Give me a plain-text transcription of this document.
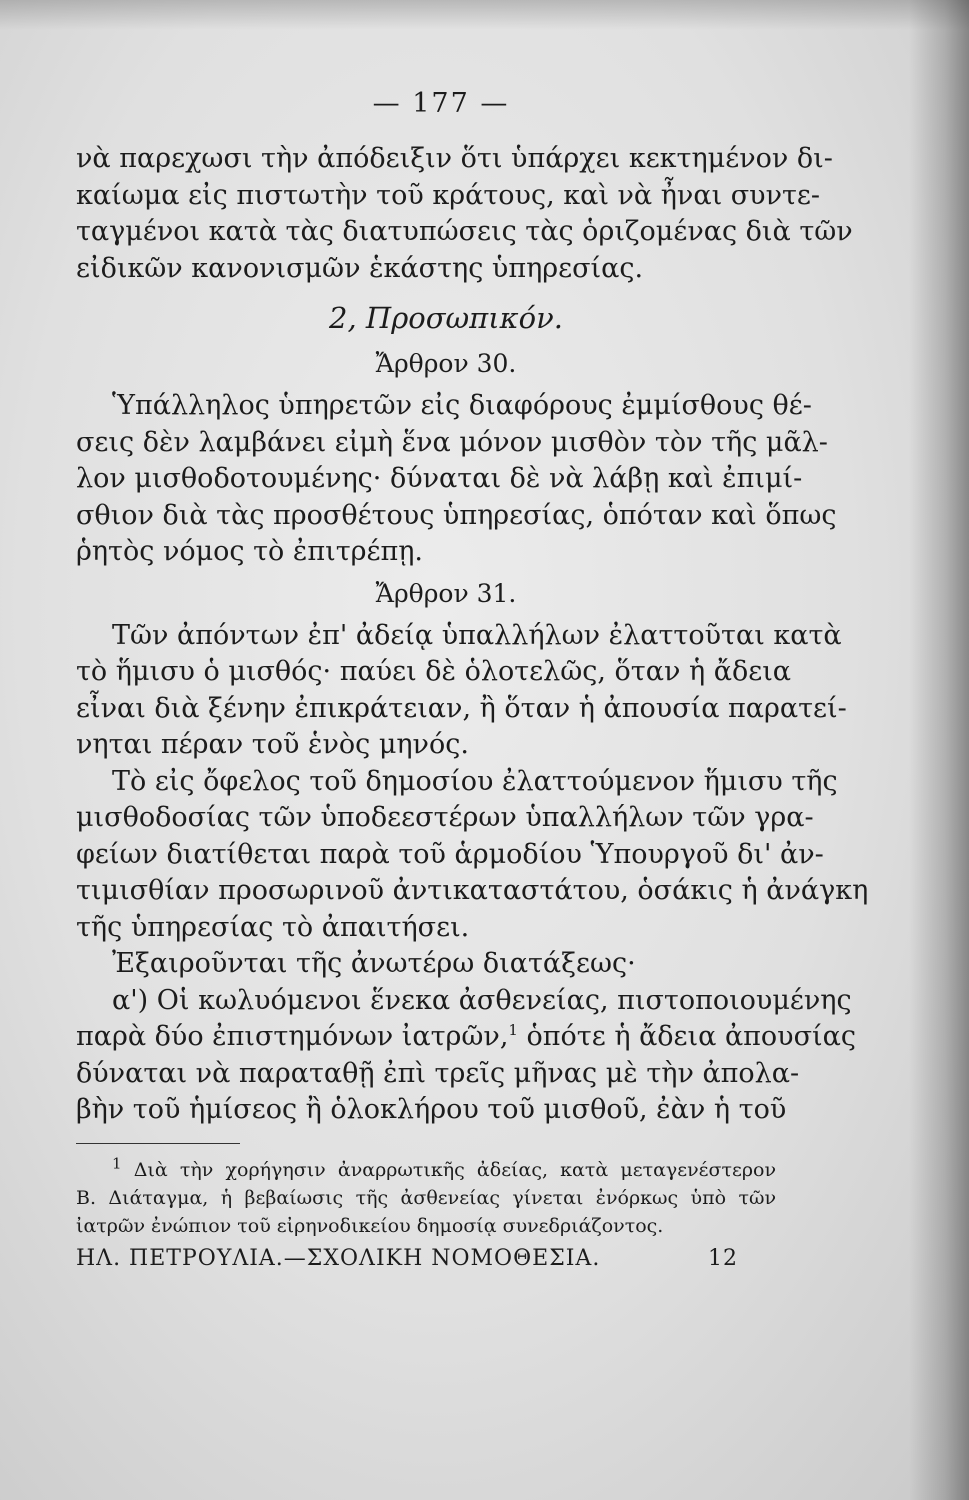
— 177 —

νὰ παρεχωσι τὴν ἀπόδειξιν ὅτι ὑπάρχει κεκτημένον δι-
καίωμα εἰς πιστωτὴν τοῦ κράτους, καὶ νὰ ἦναι συντε-
ταγμένοι κατὰ τὰς διατυπώσεις τὰς ὁριζομένας διὰ τῶν
εἰδικῶν κανονισμῶν ἑκάστης ὑπηρεσίας.

2, Προσωπικόν.
Ἄρθρον 30.

Ὑπάλληλος ὑπηρετῶν εἰς διαφόρους ἐμμίσθους θέ-
σεις δὲν λαμβάνει εἰμὴ ἕνα μόνον μισθὸν τὸν τῆς μᾶλ-
λον μισθοδοτουμένης· δύναται δὲ νὰ λάβῃ καὶ ἐπιμί-
σθιον διὰ τὰς προσθέτους ὑπηρεσίας, ὁπόταν καὶ ὅπως
ῥητὸς νόμος τὸ ἐπιτρέπῃ.

Ἄρθρον 31.

Τῶν ἀπόντων ἐπ' ἀδείᾳ ὑπαλλήλων ἐλαττοῦται κατὰ
τὸ ἥμισυ ὁ μισθός· παύει δὲ ὁλοτελῶς, ὅταν ἡ ἄδεια
εἶναι διὰ ξένην ἐπικράτειαν, ἢ ὅταν ἡ ἀπουσία παρατεί-
νηται πέραν τοῦ ἑνὸς μηνός.

Τὸ εἰς ὄφελος τοῦ δημοσίου ἐλαττούμενον ἥμισυ τῆς
μισθοδοσίας τῶν ὑποδεεστέρων ὑπαλλήλων τῶν γρα-
φείων διατίθεται παρὰ τοῦ ἁρμοδίου Ὑπουργοῦ δι' ἀν-
τιμισθίαν προσωρινοῦ ἀντικαταστάτου, ὁσάκις ἡ ἀνάγκη
τῆς ὑπηρεσίας τὸ ἀπαιτήσει.

Ἐξαιροῦνται τῆς ἀνωτέρω διατάξεως·

α') Οἱ κωλυόμενοι ἕνεκα ἀσθενείας, πιστοποιουμένης
παρὰ δύο ἐπιστημόνων ἰατρῶν,$^1$ ὁπότε ἡ ἄδεια ἀπουσίας
δύναται νὰ παραταθῇ ἐπὶ τρεῖς μῆνας μὲ τὴν ἀπολα-
βὴν τοῦ ἡμίσεος ἢ ὁλοκλήρου τοῦ μισθοῦ, ἐὰν ἡ τοῦ

$^1$ Διὰ τὴν χορήγησιν ἀναρρωτικῆς ἀδείας, κατὰ μεταγενέστερον
Β. Διάταγμα, ἡ βεβαίωσις τῆς ἀσθενείας γίνεται ἐνόρκως ὑπὸ τῶν
ἰατρῶν ἐνώπιον τοῦ εἰρηνοδικείου δημοσίᾳ συνεδριάζοντος.

ΗΛ. ΠΕΤΡΟΥΛΙΑ.—ΣΧΟΛΙΚΗ ΝΟΜΟΘΕΣΙΑ.	12
